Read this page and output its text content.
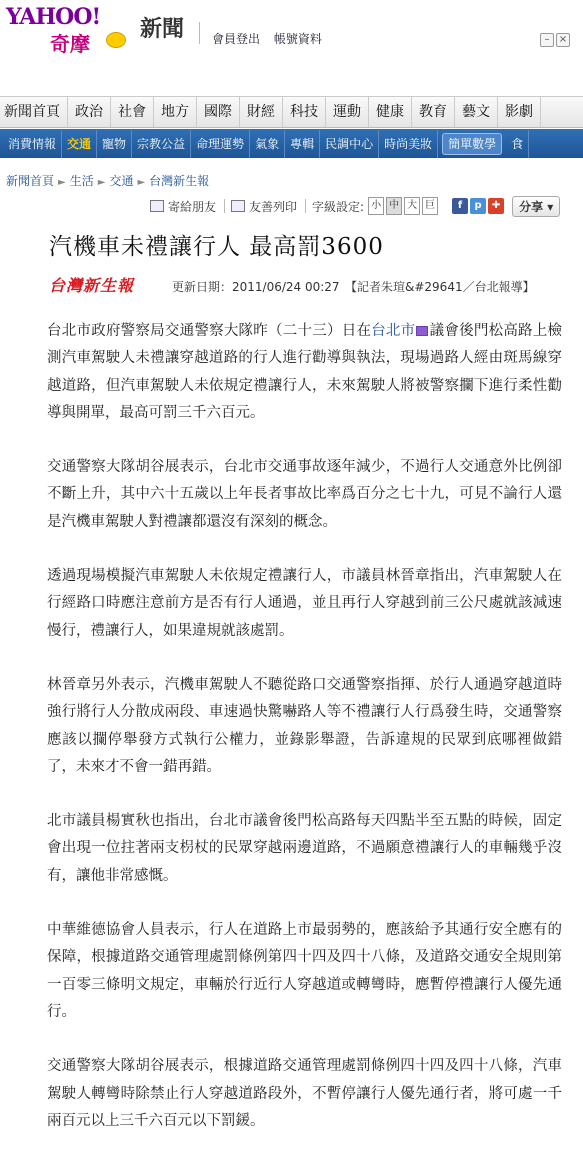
YAHOO!
奇摩
新聞 會員登出 帳號資料	– ×
新聞首頁	政治	社會	地方	國際	財經	科技	運動	健康	教育	藝文	影劇
消費情報 交通 寵物 宗教公益 命理運勢 氣象 專輯 民調中心 時尚美妝	簡單數學	食
新聞首頁 ► 生活 ► 交通 ► 台灣新生報
寄給朋友	友善列印 字級設定: 小 中 大 巨	f	p	✚	分享 ▾
汽機車未禮讓行人 最高罰3600
台灣新生報	更新日期：2011/06/24 00:27 【記者朱瑄&#29641／台北報導】

台北市政府警察局交通警察大隊昨（二十三）日在台北市 議會後門松高路上檢測汽車駕駛人未禮讓穿越道路的行人進行勸導與執法，現場過路人經由斑馬線穿越道路，但汽車駕駛人未依規定禮讓行人，未來駕駛人將被警察攔下進行柔性勸導與開單，最高可罰三千六百元。

交通警察大隊胡谷展表示，台北市交通事故逐年減少，不過行人交通意外比例卻不斷上升，其中六十五歲以上年長者事故比率爲百分之七十九，可見不論行人還是汽機車駕駛人對禮讓都還沒有深刻的概念。

透過現場模擬汽車駕駛人未依規定禮讓行人，市議員林晉章指出，汽車駕駛人在行經路口時應注意前方是否有行人通過，並且再行人穿越到前三公尺處就該減速慢行，禮讓行人，如果違規就該處罰。

林晉章另外表示，汽機車駕駛人不聽從路口交通警察指揮、於行人通過穿越道時強行將行人分散成兩段、車速過快驚嚇路人等不禮讓行人行爲發生時，交通警察應該以攔停舉發方式執行公權力，並錄影舉證，告訴違規的民眾到底哪裡做錯了，未來才不會一錯再錯。

北市議員楊實秋也指出，台北市議會後門松高路每天四點半至五點的時候，固定會出現一位拄著兩支枴杖的民眾穿越兩邊道路，不過願意禮讓行人的車輛幾乎沒有，讓他非常感慨。

中華維德協會人員表示，行人在道路上市最弱勢的，應該給予其通行安全應有的保障，根據道路交通管理處罰條例第四十四及四十八條，及道路交通安全規則第一百零三條明文規定，車輛於行近行人穿越道或轉彎時，應暫停禮讓行人優先通行。

交通警察大隊胡谷展表示，根據道路交通管理處罰條例四十四及四十八條，汽車駕駛人轉彎時除禁止行人穿越道路段外，不暫停讓行人優先通行者，將可處一千兩百元以上三千六百元以下罰鍰。
